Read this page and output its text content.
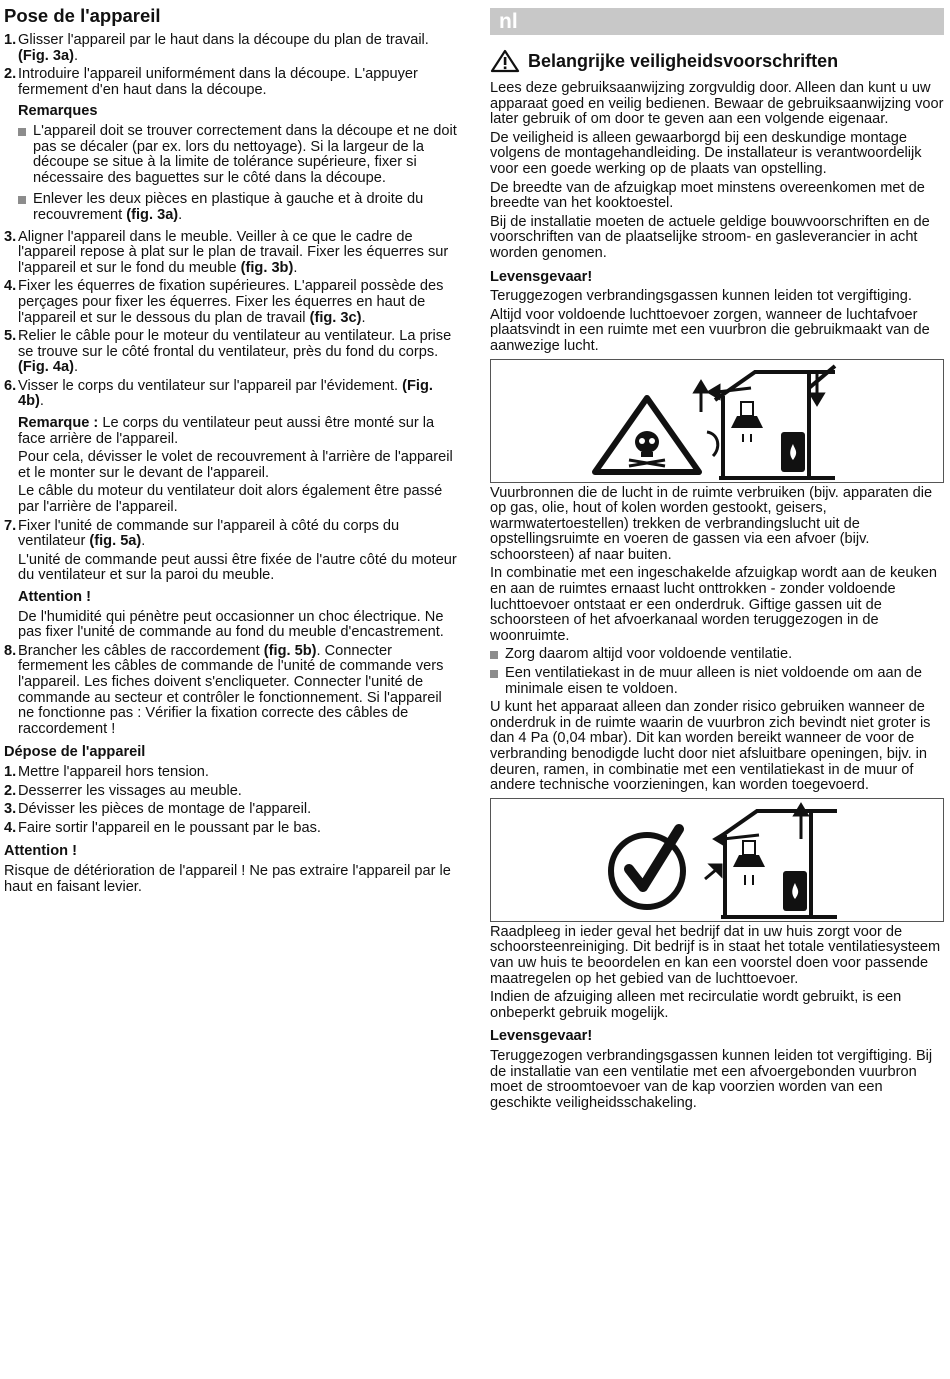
Pose de l'appareil
1. Glisser l'appareil par le haut dans la découpe du plan de travail. (Fig. 3a).
2. Introduire l'appareil uniformément dans la découpe. L'appuyer fermement d'en haut dans la découpe.
Remarques
L'appareil doit se trouver correctement dans la découpe et ne doit pas se décaler (par ex. lors du nettoyage). Si la largeur de la découpe se situe à la limite de tolérance supérieure, fixer si nécessaire des baguettes sur le côté dans la découpe.
Enlever les deux pièces en plastique à gauche et à droite du recouvrement (fig. 3a).
3. Aligner l'appareil dans le meuble. Veiller à ce que le cadre de l'appareil repose à plat sur le plan de travail. Fixer les équerres sur l'appareil et sur le fond du meuble (fig. 3b).
4. Fixer les équerres de fixation supérieures. L'appareil possède des perçages pour fixer les équerres. Fixer les équerres en haut de l'appareil et sur le dessous du plan de travail (fig. 3c).
5. Relier le câble pour le moteur du ventilateur au ventilateur. La prise se trouve sur le côté frontal du ventilateur, près du fond du corps. (Fig. 4a).
6. Visser le corps du ventilateur sur l'appareil par l'évidement. (Fig. 4b).
Remarque : Le corps du ventilateur peut aussi être monté sur la face arrière de l'appareil.
Pour cela, dévisser le volet de recouvrement à l'arrière de l'appareil et le monter sur le devant de l'appareil.
Le câble du moteur du ventilateur doit alors également être passé par l'arrière de l'appareil.
7. Fixer l'unité de commande sur l'appareil à côté du corps du ventilateur (fig. 5a).
L'unité de commande peut aussi être fixée de l'autre côté du moteur du ventilateur et sur la paroi du meuble.
Attention !
De l'humidité qui pénètre peut occasionner un choc électrique. Ne pas fixer l'unité de commande au fond du meuble d'encastrement.
8. Brancher les câbles de raccordement (fig. 5b). Connecter fermement les câbles de commande de l'unité de commande vers l'appareil. Les fiches doivent s'encliqueter. Connecter l'unité de commande au secteur et contrôler le fonctionnement. Si l'appareil ne fonctionne pas : Vérifier la fixation correcte des câbles de raccordement !
Dépose de l'appareil
1. Mettre l'appareil hors tension.
2. Desserrer les vissages au meuble.
3. Dévisser les pièces de montage de l'appareil.
4. Faire sortir l'appareil en le poussant par le bas.
Attention !
Risque de détérioration de l'appareil ! Ne pas extraire l'appareil par le haut en faisant levier.
nl
Belangrijke veiligheidsvoorschriften
Lees deze gebruiksaanwijzing zorgvuldig door. Alleen dan kunt u uw apparaat goed en veilig bedienen. Bewaar de gebruiksaanwijzing voor later gebruik of om door te geven aan een volgende eigenaar.
De veiligheid is alleen gewaarborgd bij een deskundige montage volgens de montagehandleiding. De installateur is verantwoordelijk voor een goede werking op de plaats van opstelling.
De breedte van de afzuigkap moet minstens overeenkomen met de breedte van het kooktoestel.
Bij de installatie moeten de actuele geldige bouwvoorschriften en de voorschriften van de plaatselijke stroom- en gasleverancier in acht worden genomen.
Levensgevaar!
Teruggezogen verbrandingsgassen kunnen leiden tot vergiftiging.
Altijd voor voldoende luchttoevoer zorgen, wanneer de luchtafvoer plaatsvindt in een ruimte met een vuurbron die gebruikmaakt van de aanwezige lucht.
Vuurbronnen die de lucht in de ruimte verbruiken (bijv. apparaten die op gas, olie, hout of kolen worden gestookt, geisers, warmwatertoestellen) trekken de verbrandingslucht uit de opstellingsruimte en voeren de gassen via een afvoer (bijv. schoorsteen) af naar buiten.
In combinatie met een ingeschakelde afzuigkap wordt aan de keuken en aan de ruimtes ernaast lucht onttrokken - zonder voldoende luchttoevoer ontstaat er een onderdruk. Giftige gassen uit de schoorsteen of het afvoerkanaal worden teruggezogen in de woonruimte.
Zorg daarom altijd voor voldoende ventilatie.
Een ventilatiekast in de muur alleen is niet voldoende om aan de minimale eisen te voldoen.
U kunt het apparaat alleen dan zonder risico gebruiken wanneer de onderdruk in de ruimte waarin de vuurbron zich bevindt niet groter is dan 4 Pa (0,04 mbar). Dit kan worden bereikt wanneer de voor de verbranding benodigde lucht door niet afsluitbare openingen, bijv. in deuren, ramen, in combinatie met een ventilatiekast in de muur of andere technische voorzieningen, kan worden toegevoerd.
Raadpleeg in ieder geval het bedrijf dat in uw huis zorgt voor de schoorsteenreiniging. Dit bedrijf is in staat het totale ventilatiesysteem van uw huis te beoordelen en kan een voorstel doen voor passende maatregelen op het gebied van de luchttoevoer.
Indien de afzuiging alleen met recirculatie wordt gebruikt, is een onbeperkt gebruik mogelijk.
Levensgevaar!
Teruggezogen verbrandingsgassen kunnen leiden tot vergiftiging. Bij de installatie van een ventilatie met een afvoergebonden vuurbron moet de stroomtoevoer van de kap voorzien worden van een geschikte veiligheidsschakeling.
